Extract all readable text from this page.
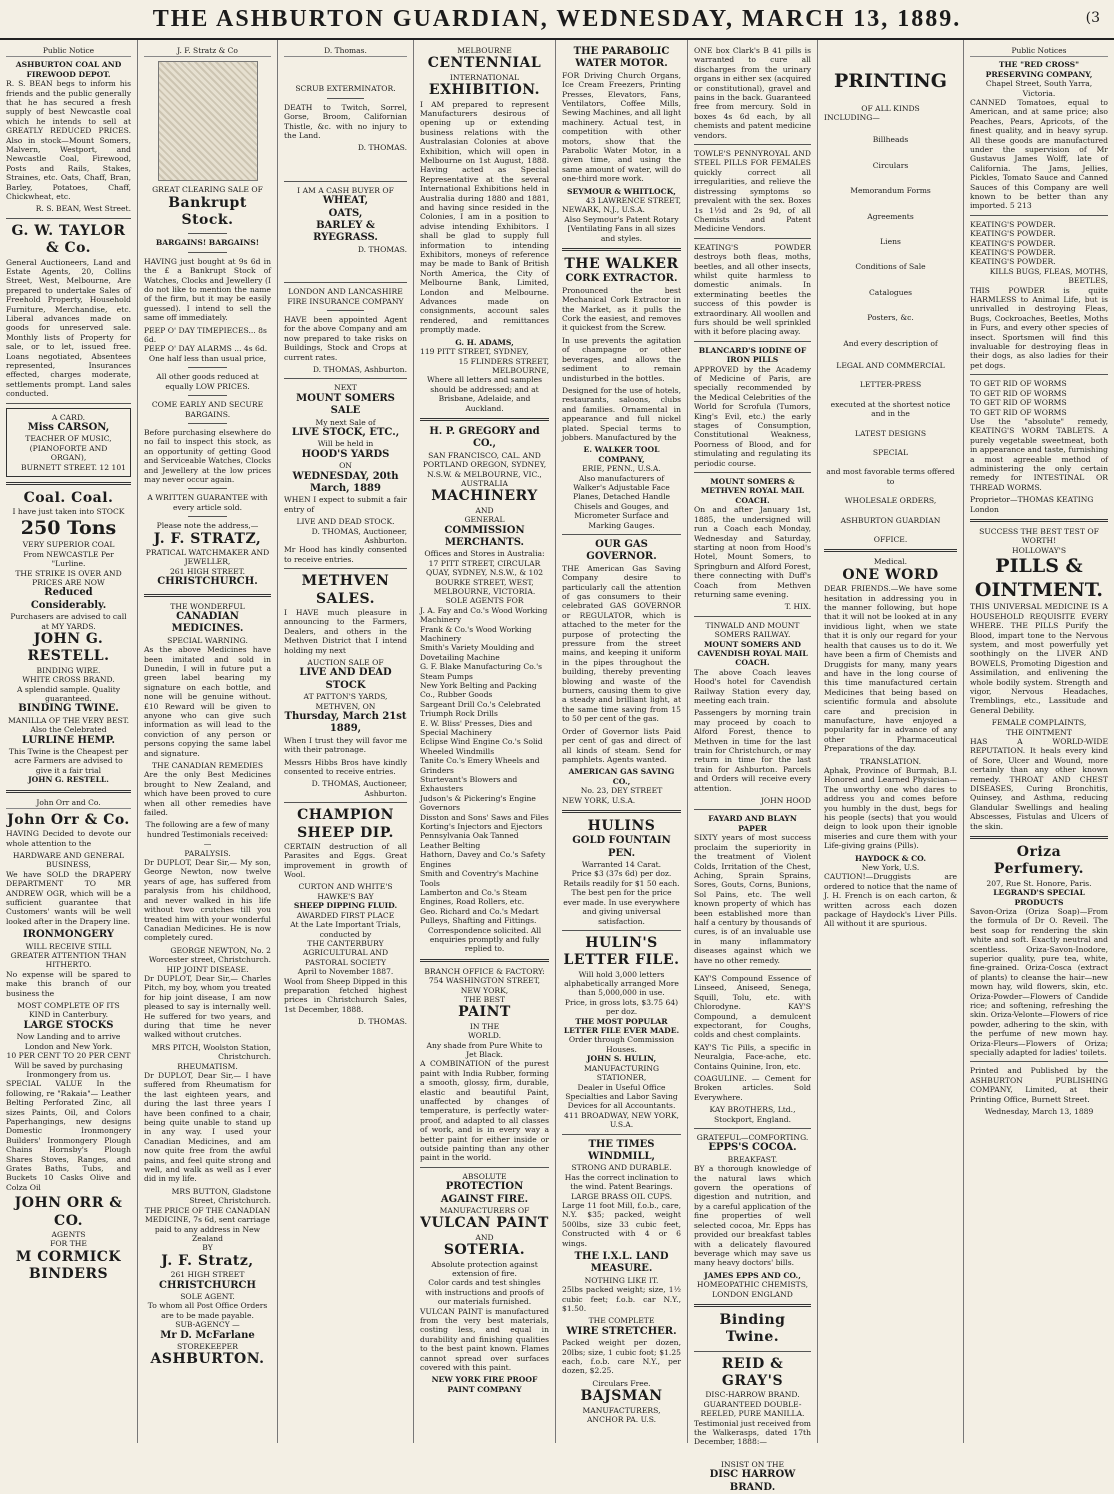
THE ASHBURTON GUARDIAN, WEDNESDAY, MARCH 13, 1889.	(3
Public Notice
ASHBURTON COAL AND FIREWOOD DEPOT.

R. S. BEAN begs to inform his friends and the public generally that he has secured a fresh supply of best Newcastle coal which he intends to sell at GREATLY REDUCED PRICES. Also in stock—Mount Somers, Malvern, Westport, and Newcastle Coal, Firewood, Posts and Rails, Stakes, Straines, etc. Oats, Chaff, Bran, Barley, Potatoes, Chaff, Chickwheat, etc.

R. S. BEAN, West Street.
G. W. TAYLOR & Co.

General Auctioneers, Land and Estate Agents, 20, Collins Street, West, Melbourne, Are prepared to undertake Sales of Freehold Property, Household Furniture, Merchandise, etc. Liberal advances made on goods for unreserved sale. Monthly lists of Property for sale, or to let, issued free. Loans negotiated, Absentees represented, Insurances effected, charges moderate, settlements prompt. Land sales conducted.

A CARD.
Miss CARSON,
TEACHER OF MUSIC, (PIANOFORTE AND ORGAN),
BURNETT STREET. 12 101
Coal. Coal.
I have just taken into STOCK
250 Tons
VERY SUPERIOR COAL
From NEWCASTLE Per "Lurline.
THE STRIKE IS OVER AND PRICES ARE NOW
Reduced Considerably.
Purchasers are advised to call at MY YARDS.
JOHN G. RESTELL.
BINDING WIRE.
WHITE CROSS BRAND.
A splendid sample. Quality guaranteed.
BINDING TWINE.
MANILLA OF THE VERY BEST.
Also the Celebrated
LURLINE HEMP.
This Twine is the Cheapest per acre Farmers are advised to give it a fair trial
JOHN G. RESTELL.
John Orr and Co.
John Orr & Co.

HAVING Decided to devote our whole attention to the

HARDWARE AND GENERAL BUSINESS,

We have SOLD the DRAPERY DEPARTMENT TO MR ANDREW OGR, which will be a sufficient guarantee that Customers' wants will be well looked after in the Drapery line.

IRONMONGERY
WILL RECEIVE STILL GREATER ATTENTION THAN HITHERTO.

No expense will be spared to make this branch of our business the

MOST COMPLETE OF ITS KIND in Canterbury.
LARGE STOCKS
Now Landing and to arrive London and New York.
10 PER CENT TO 20 PER CENT Will be saved by purchasing Ironmongery from us.

SPECIAL VALUE In the following, re "Rakaia"— Leather Belting Perforated Zinc, all sizes Paints, Oil, and Colors Paperhangings, new designs Domestic Ironmongery Builders' Ironmongery Plough Chains Hornsby's Plough Shares Stoves, Ranges, and Grates Baths, Tubs, and Buckets 10 Casks Olive and Colza Oil

JOHN ORR & CO.
AGENTS
FOR THE
M CORMICK BINDERS
J. F. Stratz & Co
GREAT CLEARING SALE OF
Bankrupt Stock.
BARGAINS! BARGAINS!

HAVING just bought at 9s 6d in the £ a Bankrupt Stock of Watches, Clocks and Jewellery (I do not like to mention the name of the firm, but it may be easily guessed). I intend to sell the same off immediately.

PEEP O' DAY TIMEPIECES... 8s 6d.
PEEP O' DAY ALARMS ... 4s 6d.
One half less than usual price,
All other goods reduced at equally LOW PRICES.
COME EARLY AND SECURE BARGAINS.

Before purchasing elsewhere do no fail to inspect this stock, as an opportunity of getting Good and Serviceable Watches, Clocks and Jewellery at the low prices may never occur again.

A WRITTEN GUARANTEE with every article sold.
Please note the address,—
J. F. STRATZ,
PRATICAL WATCHMAKER AND JEWELLER,
261 HIGH STREET.
CHRISTCHURCH.
THE WONDERFUL
CANADIAN MEDICINES.
SPECIAL WARNING.

As the above Medicines have been imitated and sold in Dunedin, I will in future put a green label bearing my signature on each bottle, and none will be genuine without. £10 Reward will be given to anyone who can give such information as will lead to the conviction of any person or persons copying the same label and signature.

THE CANADIAN REMEDIES

Are the only Best Medicines brought to New Zealand, and which have been proved to cure when all other remedies have failed.

The following are a few of many hundred Testimonials received:—
PARALYSIS.

Dr DUPLOT, Dear Sir,— My son, George Newton, now twelve years of age, has suffered from paralysis from his childhood, and never walked in his life without two crutches till you treated him with your wonderful Canadian Medicines. He is now completely cured.

GEORGE NEWTON, No. 2 Worcester street, Christchurch.
HIP JOINT DISEASE.

Dr DUPLOT, Dear Sir,— Charles Pitch, my boy, whom you treated for hip joint disease, I am now pleased to say is internally well. He suffered for two years, and during that time he never walked without crutches.

MRS PITCH, Woolston Station, Christchurch.
RHEUMATISM.

Dr DUPLOT, Dear Sir,— I have suffered from Rheumatism for the last eighteen years, and during the last three years I have been confined to a chair, being quite unable to stand up in any way. I used your Canadian Medicines, and am now quite free from the awful pains, and feel quite strong and well, and walk as well as I ever did in my life.

MRS BUTTON, Gladstone Street, Christchurch.
THE PRICE OF THE CANADIAN MEDICINE, 7s 6d, sent carriage paid to any address in New Zealand
BY
J. F. Stratz,
261 HIGH STREET
CHRISTCHURCH
SOLE AGENT.
To whom all Post Office Orders are to be made payable.
SUB-AGENCY —
Mr D. McFarlane
STOREKEEPER
ASHBURTON.
D. Thomas.
SCRUB EXTERMINATOR.

DEATH to Twitch, Sorrel, Gorse, Broom, Californian Thistle, &c. with no injury to the Land.

D. THOMAS.
I AM A CASH BUYER OF
WHEAT,
OATS,
BARLEY &
RYEGRASS.
D. THOMAS.
LONDON AND LANCASHIRE FIRE INSURANCE COMPANY

HAVE been appointed Agent for the above Company and am now prepared to take risks on Buildings, Stock and Crops at current rates.

D. THOMAS, Ashburton.
NEXT
MOUNT SOMERS SALE
My next Sale of
LIVE STOCK, ETC.,
Will be held in
HOOD'S YARDS
ON
WEDNESDAY, 20th March, 1889

WHEN I expect to submit a fair entry of

LIVE AND DEAD STOCK.
D. THOMAS, Auctioneer, Ashburton.

Mr Hood has kindly consented to receive entries.

METHVEN SALES.

I HAVE much pleasure in announcing to the Farmers, Dealers, and others in the Methven District that I intend holding my next

AUCTION SALE OF
LIVE AND DEAD STOCK
AT PATTON'S YARDS, METHVEN, ON
Thursday, March 21st 1889,

When I trust they will favor me with their patronage.

Messrs Hibbs Bros have kindly consented to receive entries.

D. THOMAS, Auctioneer, Ashburton.
CHAMPION
SHEEP DIP.

CERTAIN destruction of all Parasites and Eggs. Great improvement in growth of Wool.

CURTON AND WHITE'S
HAWKE'S BAY
SHEEP DIPPING FLUID.
AWARDED FIRST PLACE
At the Late Important Trials, conducted by
THE CANTERBURY AGRICULTURAL AND PASTORAL SOCIETY
April to November 1887.

Wool from Sheep Dipped in this preparation fetched highest prices in Christchurch Sales, 1st December, 1888.

D. THOMAS.
MELBOURNE
CENTENNIAL
INTERNATIONAL
EXHIBITION.

I AM prepared to represent Manufacturers desirous of opening up or extending business relations with the Australasian Colonies at above Exhibition, which will open in Melbourne on 1st August, 1888. Having acted as Special Representative at the several International Exhibitions held in Australia during 1880 and 1881, and having since resided in the Colonies, I am in a position to advise intending Exhibitors. I shall be glad to supply full information to intending Exhibitors, moneys of reference may be made to Bank of British North America, the City of Melbourne Bank, Limited, London and Melbourne. Advances made on consignments, account sales rendered, and remittances promptly made.

G. H. ADAMS,
119 PITT STREET, SYDNEY,
15 FLINDERS STREET, MELBOURNE,
Where all letters and samples should be addressed; and at Brisbane, Adelaide, and Auckland.
H. P. GREGORY and CO.,
SAN FRANCISCO, CAL. AND PORTLAND OREGON, SYDNEY, N.S.W. & MELBOURNE, VIC., AUSTRALIA
MACHINERY
AND
GENERAL
COMMISSION MERCHANTS.
Offices and Stores in Australia:
17 PITT STREET, CIRCULAR QUAY, SYDNEY, N.S.W., & 102 BOURKE STREET, WEST, MELBOURNE, VICTORIA.
SOLE AGENTS FOR
J. A. Fay and Co.'s Wood Working Machinery
Frank & Co.'s Wood Working Machinery
Smith's Variety Moulding and Dovetailing Machine
G. F. Blake Manufacturing Co.'s Steam Pumps
New York Belting and Packing Co., Rubber Goods
Sargeant Drill Co.'s Celebrated Triumph Rock Drills
E. W. Bliss' Presses, Dies and Special Machinery
Eclipse Wind Engine Co.'s Solid Wheeled Windmills
Tanite Co.'s Emery Wheels and Grinders
Sturtevant's Blowers and Exhausters
Judson's & Pickering's Engine Governors
Disston and Sons' Saws and Files
Korting's Injectors and Ejectors
Pennsylvania Oak Tanned Leather Belting
Hathorn, Davey and Co.'s Safety Engines
Smith and Coventry's Machine Tools
Lamberton and Co.'s Steam Engines, Road Rollers, etc.
Geo. Richard and Co.'s Medart Pulleys, Shafting and Fittings.
Correspondence solicited. All enquiries promptly and fully replied to.
BRANCH OFFICE & FACTORY:
754 WASHINGTON STREET, NEW YORK,
THE BEST
PAINT
IN THE
WORLD.
Any shade from Pure White to Jet Black.

A COMBINATION of the purest paint with India Rubber, forming a smooth, glossy, firm, durable, elastic and beautiful Paint, unaffected by changes of temperature, is perfectly water-proof, and adapted to all classes of work, and is in every way a better paint for either inside or outside painting than any other paint in the world.

ABSOLUTE
PROTECTION AGAINST FIRE.
MANUFACTURERS OF
VULCAN PAINT
AND
SOTERIA.
Absolute protection against extension of fire.
Color cards and test shingles with instructions and proofs of our materials furnished.

VULCAN PAINT is manufactured from the very best materials, costing less, and equal in durability and finishing qualities to the best paint known. Flames cannot spread over surfaces covered with this paint.

NEW YORK FIRE PROOF PAINT COMPANY
THE PARABOLIC WATER MOTOR.

FOR Driving Church Organs, Ice Cream Freezers, Printing Presses, Elevators, Fans, Ventilators, Coffee Mills, Sewing Machines, and all light machinery. Actual test, in competition with other motors, show that the Parabolic Water Motor, in a given time, and using the same amount of water, will do one-third more work.

SEYMOUR & WHITLOCK,
43 LAWRENCE STREET,
NEWARK, N.J., U.S.A.
Also Seymour's Patent Rotary [Ventilating Fans in all sizes and styles.
THE WALKER
CORK EXTRACTOR.

Pronounced the best Mechanical Cork Extractor in the Market, as it pulls the Cork the easiest, and removes it quickest from the Screw.

In use prevents the agitation of champagne or other beverages, and allows the sediment to remain undisturbed in the bottles.

Designed for the use of hotels, restaurants, saloons, clubs and families. Ornamental in appearance and full nickel plated. Special terms to jobbers. Manufactured by the

E. WALKER TOOL COMPANY,
ERIE, PENN., U.S.A.
Also manufacturers of Walker's Adjustable Face Planes, Detached Handle Chisels and Gouges, and Micrometer Surface and Marking Gauges.
OUR GAS GOVERNOR.

THE American Gas Saving Company desire to particularly call the attention of gas consumers to their celebrated GAS GOVERNOR or REGULATOR, which is attached to the meter for the purpose of protecting the pressure from the street mains, and keeping it uniform in the pipes throughout the building, thereby preventing blowing and waste of the burners, causing them to give a steady and brilliant light, at the same time saving from 15 to 50 per cent of the gas.

Order of Governor lists Paid per cent of gas and direct of all kinds of steam. Send for pamphlets. Agents wanted.

AMERICAN GAS SAVING CO.,
No. 23, DEY STREET
NEW YORK, U.S.A.
HULINS
GOLD FOUNTAIN PEN.
Warranted 14 Carat.
Price $3 (37s 6d) per doz. Retails readily for $1 50 each.
The best pen for the price ever made. In use everywhere and giving universal satisfaction.
HULIN'S
LETTER FILE.
Will hold 3,000 letters alphabetically arranged More than 5,000,000 in use.
Price, in gross lots, $3.75 64) per doz.
THE MOST POPULAR LETTER FILE EVER MADE.
Order through Commission Houses.
JOHN S. HULIN,
MANUFACTURING STATIONER,
Dealer in Useful Office Specialties and Labor Saving Devices for all Accountants.
411 BROADWAY, NEW YORK, U.S.A.
THE TIMES WINDMILL,
STRONG AND DURABLE.
Has the correct inclination to the wind. Patent Bearings.
LARGE BRASS OIL CUPS.

Large 11 foot Mill, f.o.b., care, N.Y. $35; packed, weight 500lbs, size 33 cubic feet, Constructed with 4 or 6 wings.

THE I.X.L. LAND MEASURE.
NOTHING LIKE IT.

25lbs packed weight; size, 1½ cubic feet; f.o.b. car N.Y., $1.50.

THE COMPLETE
WIRE STRETCHER.

Packed weight per dozen, 20lbs; size, 1 cubic foot; $1.25 each, f.o.b. care N.Y., per dozen, $2.25.

Circulars Free.
BAJSMAN
MANUFACTURERS,
ANCHOR PA. U.S.

ONE box Clark's B 41 pills is warranted to cure all discharges from the urinary organs in either sex (acquired or constitutional), gravel and pains in the back. Guaranteed free from mercury. Sold in boxes 4s 6d each, by all chemists and patent medicine vendors.

TOWLE'S PENNYROYAL AND STEEL PILLS FOR FEMALES quickly correct all irregularities, and relieve the distressing symptoms so prevalent with the sex. Boxes 1s 1½d and 2s 9d, of all Chemists and Patent Medicine Vendors.

KEATING'S POWDER destroys both fleas, moths, beetles, and all other insects, whilst quite harmless to domestic animals. In exterminating beetles the success of this powder is extraordinary. All woollen and furs should be well sprinkled with it before placing away.

BLANCARD'S IODINE OF IRON PILLS

APPROVED by the Academy of Medicine of Paris, are specially recommended by the Medical Celebrities of the World for Scrofula (Tumors, King's Evil, etc.) the early stages of Consumption, Constitutional Weakness, Poorness of Blood, and for stimulating and regulating its periodic course.

MOUNT SOMERS & METHVEN ROYAL MAIL COACH.

On and after January 1st, 1885, the undersigned will run a Coach each Monday, Wednesday and Saturday, starting at noon from Hood's Hotel, Mount Somers, to Springburn and Alford Forest, there connecting with Duff's Coach from Methven returning same evening.

T. HIX.
TINWALD AND MOUNT SOMERS RAILWAY.
MOUNT SOMERS AND CAVENDISH ROYAL MAIL COACH.

The above Coach leaves Hood's hotel for Cavendish Railway Station every day, meeting each train.

Passengers by morning train may proceed by coach to Alford Forest, thence to Methven in time for the last train for Christchurch, or may return in time for the last train for Ashburton. Parcels and Orders will receive every attention.

JOHN HOOD
FAYARD AND BLAYN PAPER

SIXTY years of most success proclaim the superiority in the treatment of Violent Colds, Irritation of the Chest, Aching, Sprain Sprains, Sores, Gouts, Corns, Bunions, Sol Pains, etc. The well known property of which has been established more than half a century by thousands of cures, is of an invaluable use in many inflammatory diseases against which we have no other remedy.

KAY'S Compound Essence of Linseed, Aniseed, Senega, Squill, Tolu, etc. with Chlorodyne. KAY'S Compound, a demulcent expectorant, for Coughs, colds and chest complaints.

KAY'S Tic Pills, a specific in Neuralgia, Face-ache, etc. Contains Quinine, Iron, etc.

COAGULINE. — Cement for Broken articles. Sold Everywhere.

KAY BROTHERS, Ltd., Stockport, England.
GRATEFUL—COMFORTING.
EPPS'S COCOA.
BREAKFAST.

BY a thorough knowledge of the natural laws which govern the operations of digestion and nutrition, and by a careful application of the fine properties of well selected cocoa, Mr. Epps has provided our breakfast tables with a delicately flavoured beverage which may save us many heavy doctors' bills.

JAMES EPPS AND CO.,
HOMEOPATHIC CHEMISTS,
LONDON ENGLAND
Binding Twine.
REID & GRAY'S
DISC-HARROW BRAND.
GUARANTEED DOUBLE-REELED, PURE MANILLA.

Testimonial just received from the Walkerasps, dated 17th December, 1888:—

INSIST ON THE
DISC HARROW BRAND.
PRINTING
OF ALL KINDS
INCLUDING—
Billheads
Circulars
Memorandum Forms
Agreements
Liens
Conditions of Sale
Catalogues
Posters, &c.
And every description of
LEGAL AND COMMERCIAL
LETTER-PRESS
executed at the shortest notice and in the
LATEST DESIGNS
SPECIAL
and most favorable terms offered to
WHOLESALE ORDERS,
ASHBURTON GUARDIAN
OFFICE.
Medical.
ONE WORD

DEAR FRIENDS.—We have some hesitation in addressing you in the manner following, but hope that it will not be looked at in any invidious light, when we state that it is only our regard for your health that causes us to do it. We have been a firm of Chemists and Druggists for many, many years and have in the long course of this time manufactured certain Medicines that being based on scientific formula and absolute care and precision in manufacture, have enjoyed a popularity far in advance of any other Pharmaceutical Preparations of the day.

TRANSLATION.

Aphak, Province of Burmah, B.I. Honored and Learned Physician—The unworthy one who dares to address you and comes before you humbly in the dust, begs for his people (sects) that you would deign to look upon their ignoble miseries and cure them with your Life-giving grains (Pills).

HAYDOCK & CO.
New York, U.S.

CAUTION!—Druggists are ordered to notice that the name of J. H. French is on each carton, & written across each dozen package of Haydock's Liver Pills. All without it are spurious.

Public Notices
THE "RED CROSS" PRESERVING COMPANY,
Chapel Street, South Yarra, Victoria.

CANNED Tomatoes, equal to American, and at same price; also Peaches, Pears, Apricots, of the finest quality, and in heavy syrup. All these goods are manufactured under the supervision of Mr Gustavus James Wolff, late of California. The Jams, Jellies, Pickles, Tomato Sauce and Canned Sauces of this Company are well known to be better than any imported. 5 213

KEATING'S POWDER.
KEATING'S POWDER.
KEATING'S POWDER.
KEATING'S POWDER.
KEATING'S POWDER.
KILLS BUGS, FLEAS, MOTHS, BEETLES,

THIS POWDER is quite HARMLESS to Animal Life, but is unrivalled in destroying Fleas, Bugs, Cockroaches, Beetles, Moths in Furs, and every other species of insect. Sportsmen will find this invaluable for destroying fleas in their dogs, as also ladies for their pet dogs.

TO GET RID OF WORMS
TO GET RID OF WORMS
TO GET RID OF WORMS
TO GET RID OF WORMS

Use the "absolute" remedy, KEATING'S WORM TABLETS. A purely vegetable sweetmeat, both in appearance and taste, furnishing a most agreeable method of administering the only certain remedy for INTESTINAL OR THREAD WORMS.

Proprietor—THOMAS KEATING London
SUCCESS THE BEST TEST OF WORTH!
HOLLOWAY'S
PILLS & OINTMENT.

THIS UNIVERSAL MEDICINE IS A HOUSEHOLD REQUISITE EVERY WHERE. THE PILLS Purify the Blood, impart tone to the Nervous system, and most powerfully yet soothingly on the LIVER AND BOWELS, Promoting Digestion and Assimilation, and enlivening the whole bodily system. Strength and vigor, Nervous Headaches, Tremblings, etc., Lassitude and General Debility.

FEMALE COMPLAINTS,
THE OINTMENT

HAS A WORLD-WIDE REPUTATION. It heals every kind of Sore, Ulcer and Wound, more certainly than any other known remedy. THROAT AND CHEST DISEASES, Curing Bronchitis, Quinsey, and Asthma, reducing Glandular Swellings and healing Abscesses, Fistulas and Ulcers of the skin.

Oriza Perfumery.
207, Rue St. Honore, Paris.
LEGRAND'S SPECIAL PRODUCTS

Savon-Oriza (Oriza Soap)—From the formula of Dr O. Reveil. The best soap for rendering the skin white and soft. Exactly neutral and scentless. Oriza-Savon-Inodore, superior quality, pure tea, white, fine-grained. Oriza-Cosca (extract of plants) to cleanse the hair—new mown hay, wild flowers, skin, etc. Oriza-Powder—Flowers of Candide rice; and softening, refreshing the skin. Oriza-Velonte—Flowers of rice powder, adhering to the skin, with the perfume of new mown hay. Oriza-Fleurs—Flowers of Oriza; specially adapted for ladies' toilets.

Printed and Published by the ASHBURTON PUBLISHING COMPANY, Limited, at their Printing Office, Burnett Street.

Wednesday, March 13, 1889
